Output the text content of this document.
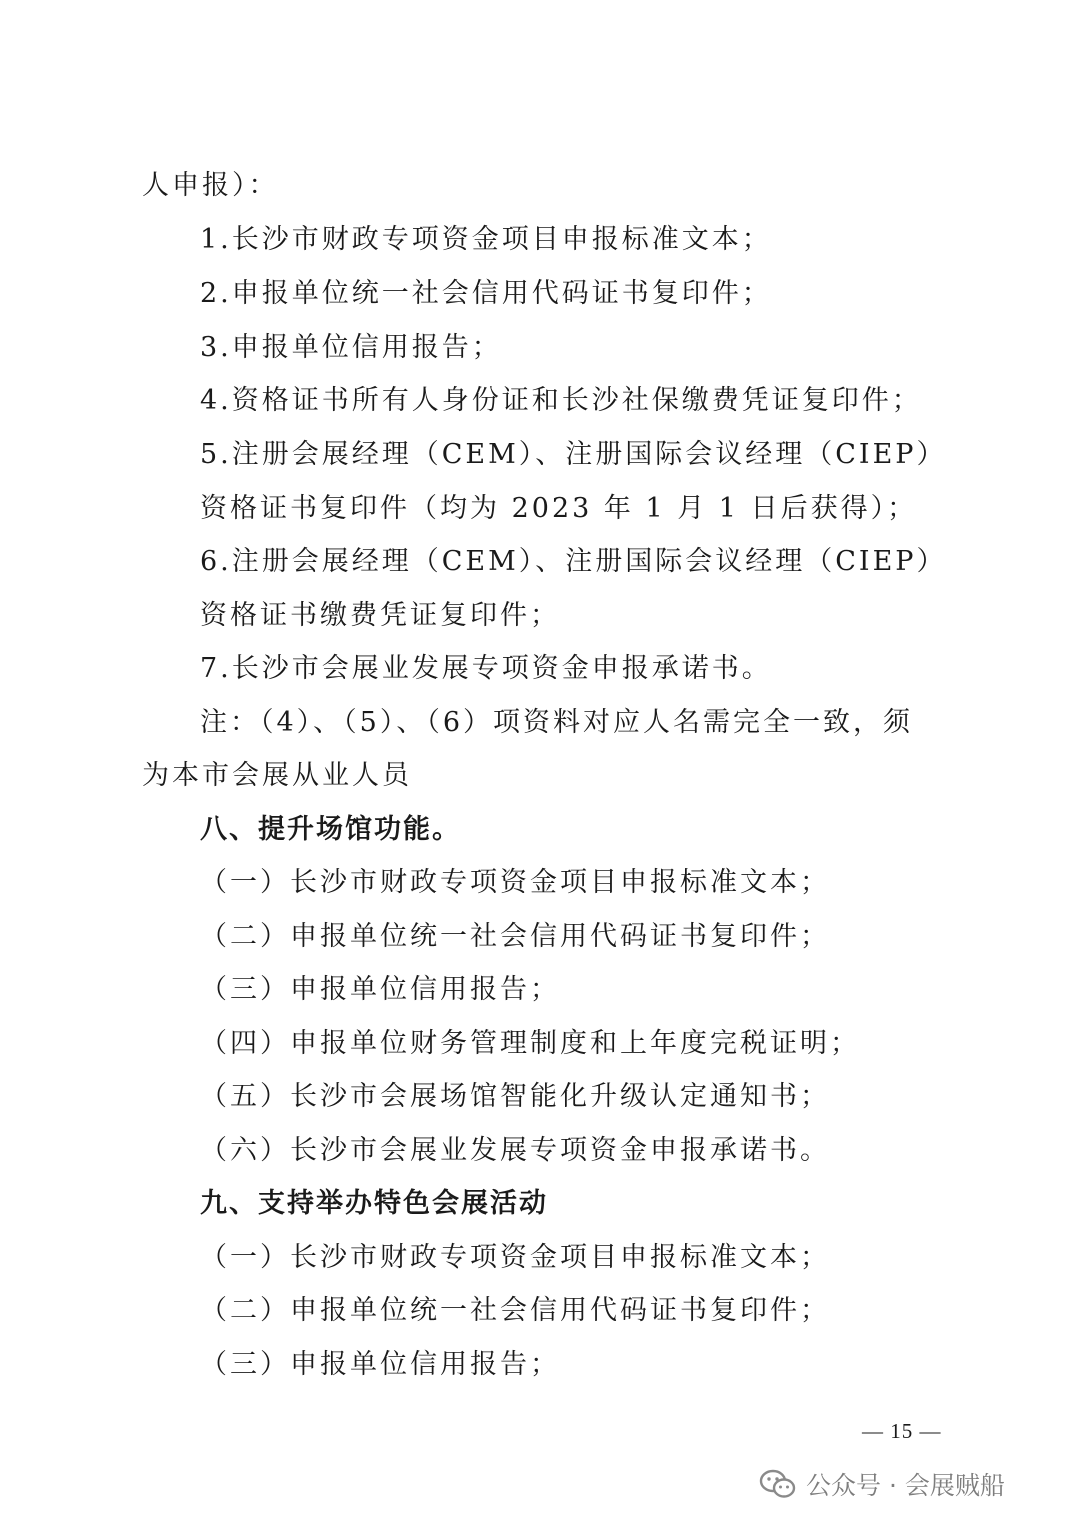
人申报）：
1.长沙市财政专项资金项目申报标准文本；
2.申报单位统一社会信用代码证书复印件；
3.申报单位信用报告；
4.资格证书所有人身份证和长沙社保缴费凭证复印件；
5.注册会展经理（CEM）、注册国际会议经理（CIEP）
资格证书复印件（均为 2023 年 1 月 1 日后获得）；
6.注册会展经理（CEM）、注册国际会议经理（CIEP）
资格证书缴费凭证复印件；
7.长沙市会展业发展专项资金申报承诺书。
注：（4）、（5）、（6）项资料对应人名需完全一致，须
为本市会展从业人员
八、提升场馆功能。
（一）长沙市财政专项资金项目申报标准文本；
（二）申报单位统一社会信用代码证书复印件；
（三）申报单位信用报告；
（四）申报单位财务管理制度和上年度完税证明；
（五）长沙市会展场馆智能化升级认定通知书；
（六）长沙市会展业发展专项资金申报承诺书。
九、支持举办特色会展活动
（一）长沙市财政专项资金项目申报标准文本；
（二）申报单位统一社会信用代码证书复印件；
（三）申报单位信用报告；
— 15 —
公众号 · 会展贼船
